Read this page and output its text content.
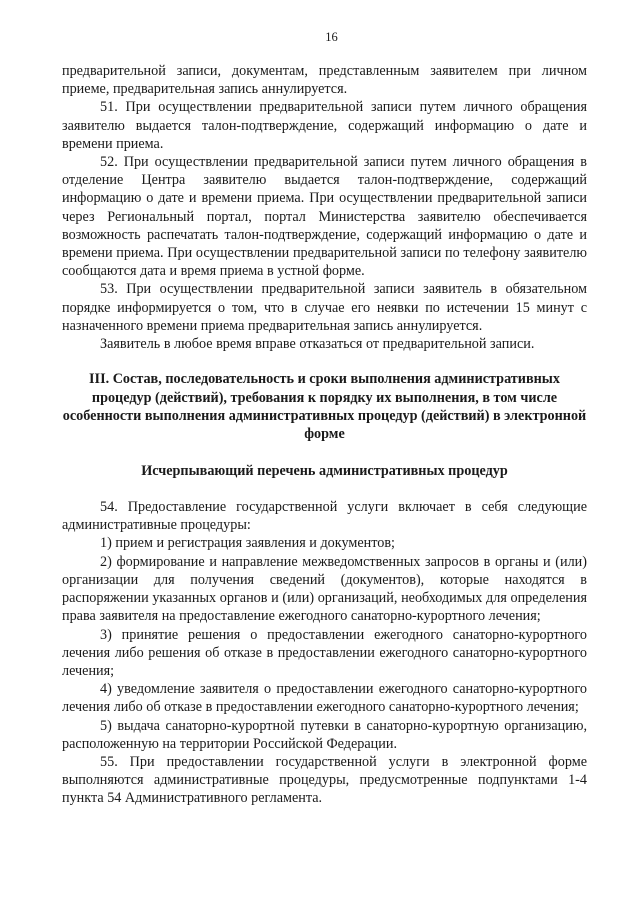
16

предварительной записи, документам, представленным заявителем при личном приеме, предварительная запись аннулируется.

51. При осуществлении предварительной записи путем личного обращения заявителю выдается талон-подтверждение, содержащий информацию о дате и времени приема.

52. При осуществлении предварительной записи путем личного обращения в отделение Центра заявителю выдается талон-подтверждение, содержащий информацию о дате и времени приема. При осуществлении предварительной записи через Региональный портал, портал Министерства заявителю обеспечивается возможность распечатать талон-подтверждение, содержащий информацию о дате и времени приема. При осуществлении предварительной записи по телефону заявителю сообщаются дата и время приема в устной форме.

53. При осуществлении предварительной записи заявитель в обязательном порядке информируется о том, что в случае его неявки по истечении 15 минут с назначенного времени приема предварительная запись аннулируется.

Заявитель в любое время вправе отказаться от предварительной записи.

III. Состав, последовательность и сроки выполнения административных процедур (действий), требования к порядку их выполнения, в том числе особенности выполнения административных процедур (действий) в электронной форме

Исчерпывающий перечень административных процедур

54. Предоставление государственной услуги включает в себя следующие административные процедуры:

1) прием и регистрация заявления и документов;

2) формирование и направление межведомственных запросов в органы и (или) организации для получения сведений (документов), которые находятся в распоряжении указанных органов и (или) организаций, необходимых для определения права заявителя на предоставление ежегодного санаторно-курортного лечения;

3) принятие решения о предоставлении ежегодного санаторно-курортного лечения либо решения об отказе в предоставлении ежегодного санаторно-курортного лечения;

4) уведомление заявителя о предоставлении ежегодного санаторно-курортного лечения либо об отказе в предоставлении ежегодного санаторно-курортного лечения;

5) выдача санаторно-курортной путевки в санаторно-курортную организацию, расположенную на территории Российской Федерации.

55. При предоставлении государственной услуги в электронной форме выполняются административные процедуры, предусмотренные подпунктами 1-4 пункта 54 Административного регламента.
